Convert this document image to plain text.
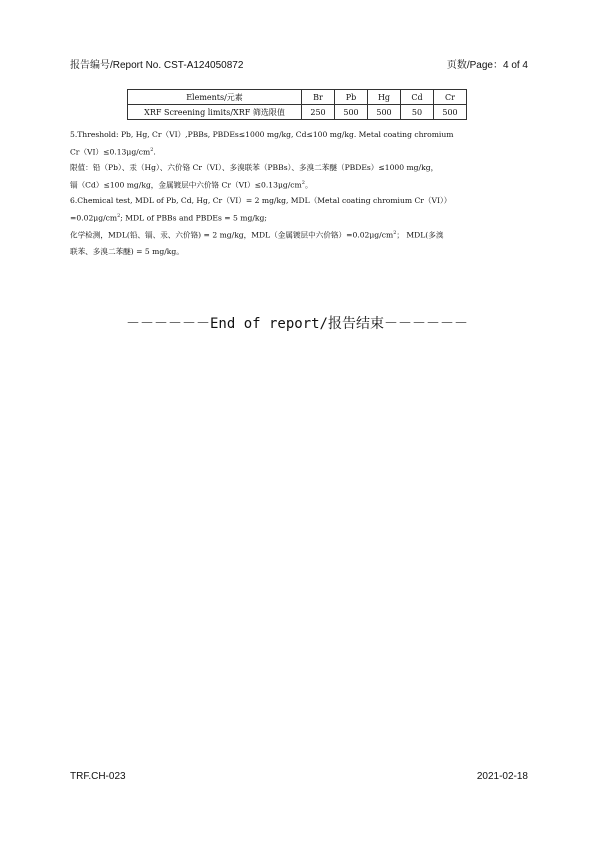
报告编号/Report No. CST-A124050872	页数/Page：4 of 4
Elements/元素	Br	Pb	Hg	Cd	Cr
XRF Screening limits/XRF 筛选限值	250	500	500	50	500

5.Threshold: Pb, Hg, Cr（VI）,PBBs, PBDEs≤1000 mg/kg, Cd≤100 mg/kg. Metal coating chromium

$Cr(VI)\le 0.13\mu g/cm^2$.

限值：铅（Pb）、汞（Hg）、六价铬 Cr（VI）、多溴联苯（PBBs）、多溴二苯醚（PBDEs）≤1000 mg/kg，

镉（Cd）≤100 mg/kg，金属镀层中六价铬 $Cr(VI)\le 0.13\mu g/cm^2$。

6.Chemical test, MDL of Pb, Cd, Hg, Cr（VI）= 2 mg/kg, MDL（Metal coating chromium Cr（VI））

$=0.02\mu g/cm^2$; MDL of PBBs and PBDEs = 5 mg/kg;

化学检测，MDL(铅、镉、汞、六价铬) = 2 mg/kg，MDL（金属镀层中六价铬）$=0.02\mu g/cm^2$； MDL(多溴

联苯、多溴二苯醚) = 5 mg/kg。

－－－－－－End of report/报告结束－－－－－－
TRF.CH-023	2021-02-18
